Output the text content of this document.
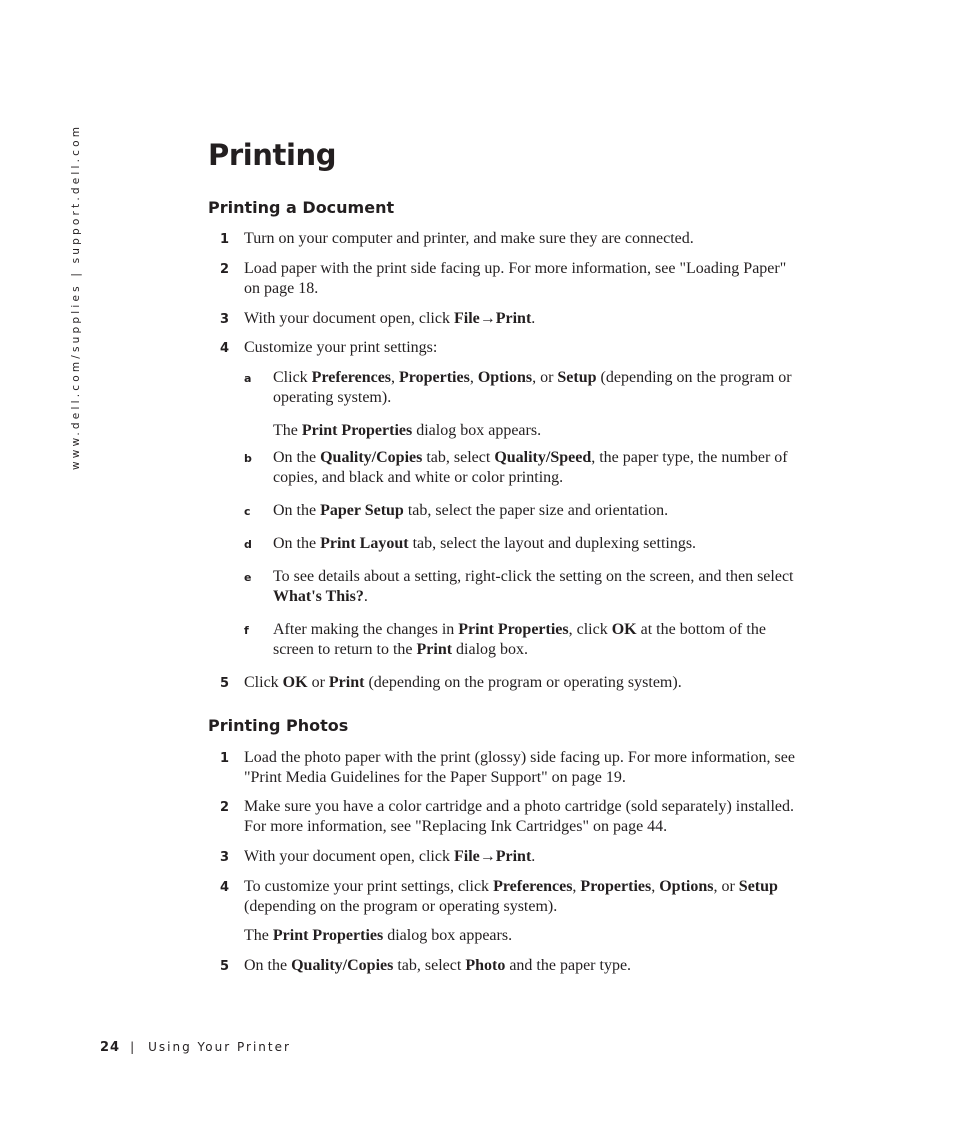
www.dell.com/supplies | support.dell.com	Printing
Printing a Document
1 Turn on your computer and printer, and make sure they are connected.
2 Load paper with the print side facing up. For more information, see "Loading Paper"
on page 18.
3 With your document open, click File→Print.
4 Customize your print settings:
a Click Preferences, Properties, Options, or Setup (depending on the program or
operating system).
The Print Properties dialog box appears.
b On the Quality/Copies tab, select Quality/Speed, the paper type, the number of
copies, and black and white or color printing.
c On the Paper Setup tab, select the paper size and orientation.
d On the Print Layout tab, select the layout and duplexing settings.
e To see details about a setting, right-click the setting on the screen, and then select
What's This?.
f After making the changes in Print Properties, click OK at the bottom of the
screen to return to the Print dialog box.
5 Click OK or Print (depending on the program or operating system).
Printing Photos
1 Load the photo paper with the print (glossy) side facing up. For more information, see
"Print Media Guidelines for the Paper Support" on page 19.
2 Make sure you have a color cartridge and a photo cartridge (sold separately) installed.
For more information, see "Replacing Ink Cartridges" on page 44.
3 With your document open, click File→Print.
4 To customize your print settings, click Preferences, Properties, Options, or Setup
(depending on the program or operating system).
The Print Properties dialog box appears.
5 On the Quality/Copies tab, select Photo and the paper type.
24 | Using Your Printer
